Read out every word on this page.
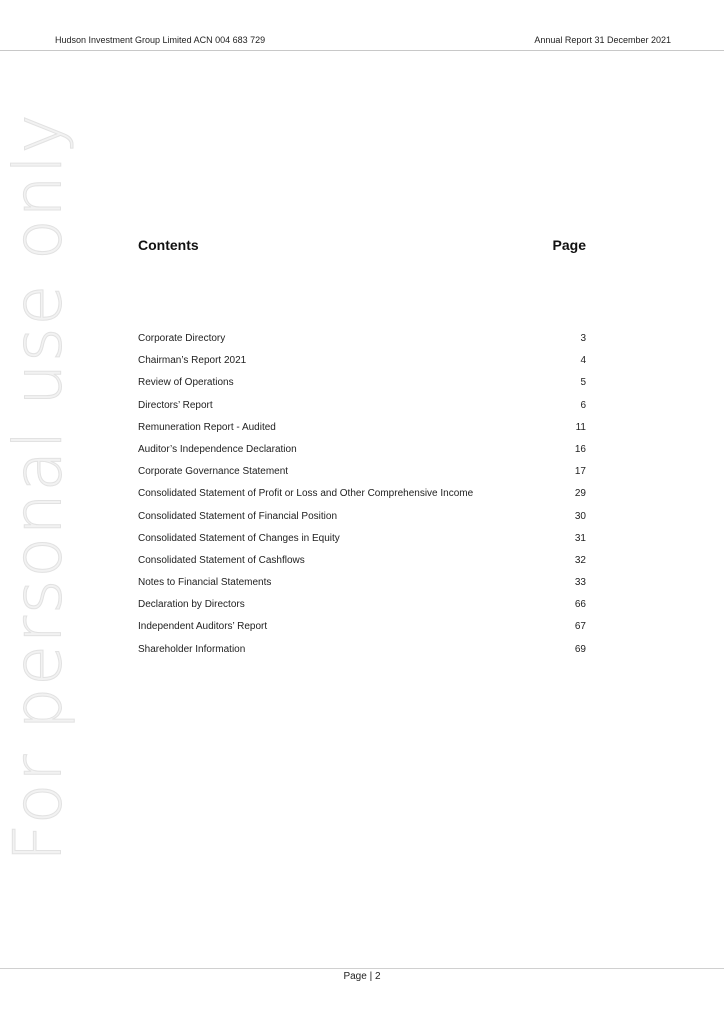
Hudson Investment Group Limited ACN 004 683 729	Annual Report 31 December 2021
For personal use only	Contents	Page
Corporate Directory	3
Chairman’s Report 2021	4
Review of Operations	5
Directors’ Report	6
Remuneration Report - Audited	11
Auditor’s Independence Declaration	16
Corporate Governance Statement	17
Consolidated Statement of Profit or Loss and Other Comprehensive Income	29
Consolidated Statement of Financial Position	30
Consolidated Statement of Changes in Equity	31
Consolidated Statement of Cashflows	32
Notes to Financial Statements	33
Declaration by Directors	66
Independent Auditors’ Report	67
Shareholder Information	69
Page | 2
